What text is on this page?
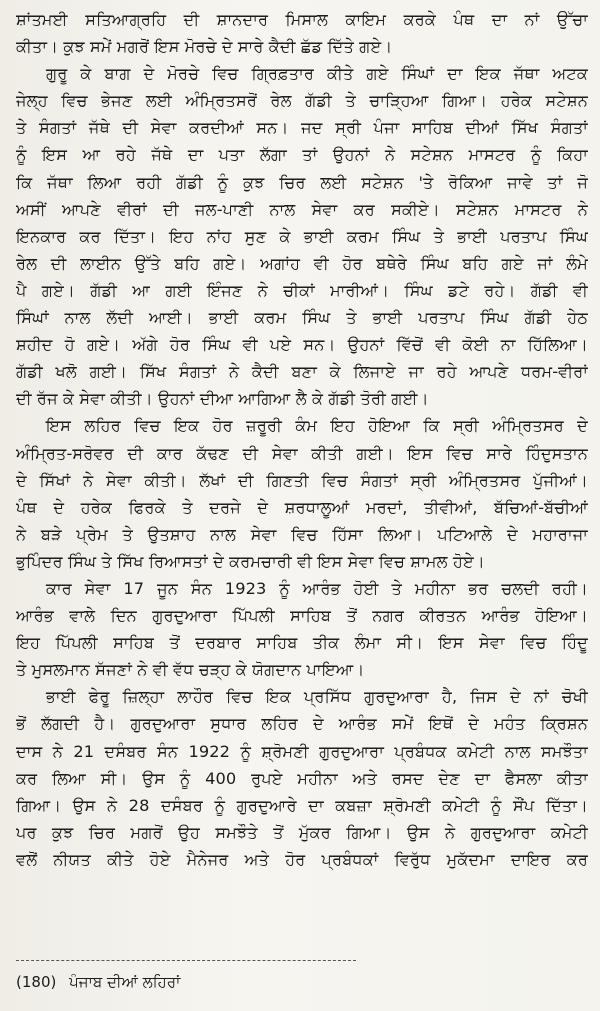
ਸ਼ਾਂਤਮਈ ਸਤਿਆਗ੍ਰਹਿ ਦੀ ਸ਼ਾਨਦਾਰ ਮਿਸਾਲ ਕਾਇਮ ਕਰਕੇ ਪੰਥ ਦਾ ਨਾਂ ਉੱਚਾ
ਕੀਤਾ। ਕੁਝ ਸਮੇਂ ਮਗਰੋਂ ਇਸ ਮੋਰਚੇ ਦੇ ਸਾਰੇ ਕੈਦੀ ਛੱਡ ਦਿੱਤੇ ਗਏ।
ਗੁਰੂ ਕੇ ਬਾਗ ਦੇ ਮੋਰਚੇ ਵਿਚ ਗ੍ਰਿਫ਼ਤਾਰ ਕੀਤੇ ਗਏ ਸਿੰਘਾਂ ਦਾ ਇਕ ਜੱਥਾ ਅਟਕ
ਜੇਲ੍ਹ ਵਿਚ ਭੇਜਣ ਲਈ ਅੰਮ੍ਰਿਤਸਰੋਂ ਰੇਲ ਗੱਡੀ ਤੇ ਚਾੜ੍ਹਿਆ ਗਿਆ। ਹਰੇਕ ਸਟੇਸ਼ਨ
ਤੇ ਸੰਗਤਾਂ ਜੱਥੇ ਦੀ ਸੇਵਾ ਕਰਦੀਆਂ ਸਨ। ਜਦ ਸ੍ਰੀ ਪੰਜਾ ਸਾਹਿਬ ਦੀਆਂ ਸਿੱਖ ਸੰਗਤਾਂ
ਨੂੰ ਇਸ ਆ ਰਹੇ ਜੱਥੇ ਦਾ ਪਤਾ ਲੱਗਾ ਤਾਂ ਉਹਨਾਂ ਨੇ ਸਟੇਸ਼ਨ ਮਾਸਟਰ ਨੂੰ ਕਿਹਾ
ਕਿ ਜੱਥਾ ਲਿਆ ਰਹੀ ਗੱਡੀ ਨੂੰ ਕੁਝ ਚਿਰ ਲਈ ਸਟੇਸ਼ਨ 'ਤੇ ਰੋਕਿਆ ਜਾਵੇ ਤਾਂ ਜੋ
ਅਸੀਂ ਆਪਣੇ ਵੀਰਾਂ ਦੀ ਜਲ-ਪਾਣੀ ਨਾਲ ਸੇਵਾ ਕਰ ਸਕੀਏ। ਸਟੇਸ਼ਨ ਮਾਸਟਰ ਨੇ
ਇਨਕਾਰ ਕਰ ਦਿੱਤਾ। ਇਹ ਨਾਂਹ ਸੁਣ ਕੇ ਭਾਈ ਕਰਮ ਸਿੰਘ ਤੇ ਭਾਈ ਪਰਤਾਪ ਸਿੰਘ
ਰੇਲ ਦੀ ਲਾਈਨ ਉੱਤੇ ਬਹਿ ਗਏ। ਅਗਾਂਹ ਵੀ ਹੋਰ ਬਥੇਰੇ ਸਿੰਘ ਬਹਿ ਗਏ ਜਾਂ ਲੰਮੇ
ਪੈ ਗਏ। ਗੱਡੀ ਆ ਗਈ ਇੰਜਣ ਨੇ ਚੀਕਾਂ ਮਾਰੀਆਂ। ਸਿੰਘ ਡਟੇ ਰਹੇ। ਗੱਡੀ ਵੀ
ਸਿੰਘਾਂ ਨਾਲ ਲੱਦੀ ਆਈ। ਭਾਈ ਕਰਮ ਸਿੰਘ ਤੇ ਭਾਈ ਪਰਤਾਪ ਸਿੰਘ ਗੱਡੀ ਹੇਠ
ਸ਼ਹੀਦ ਹੋ ਗਏ। ਅੱਗੇ ਹੋਰ ਸਿੰਘ ਵੀ ਪਏ ਸਨ। ਉਹਨਾਂ ਵਿੱਚੋਂ ਵੀ ਕੋਈ ਨਾ ਹਿੱਲਿਆ।
ਗੱਡੀ ਖਲੋ ਗਈ। ਸਿੱਖ ਸੰਗਤਾਂ ਨੇ ਕੈਦੀ ਬਣਾ ਕੇ ਲਿਜਾਏ ਜਾ ਰਹੇ ਆਪਣੇ ਧਰਮ-ਵੀਰਾਂ
ਦੀ ਰੱਜ ਕੇ ਸੇਵਾ ਕੀਤੀ। ਉਹਨਾਂ ਦੀਆ ਆਗਿਆ ਲੈ ਕੇ ਗੱਡੀ ਤੋਰੀ ਗਈ।
ਇਸ ਲਹਿਰ ਵਿਚ ਇਕ ਹੋਰ ਜ਼ਰੂਰੀ ਕੰਮ ਇਹ ਹੋਇਆ ਕਿ ਸ੍ਰੀ ਅੰਮ੍ਰਿਤਸਰ ਦੇ
ਅੰਮ੍ਰਿਤ-ਸਰੋਵਰ ਦੀ ਕਾਰ ਕੱਢਣ ਦੀ ਸੇਵਾ ਕੀਤੀ ਗਈ। ਇਸ ਵਿਚ ਸਾਰੇ ਹਿੰਦੁਸਤਾਨ
ਦੇ ਸਿੱਖਾਂ ਨੇ ਸੇਵਾ ਕੀਤੀ। ਲੱਖਾਂ ਦੀ ਗਿਣਤੀ ਵਿਚ ਸੰਗਤਾਂ ਸ੍ਰੀ ਅੰਮ੍ਰਿਤਸਰ ਪੁੱਜੀਆਂ।
ਪੰਥ ਦੇ ਹਰੇਕ ਫਿਰਕੇ ਤੇ ਦਰਜੇ ਦੇ ਸ਼ਰਧਾਲੂਆਂ ਮਰਦਾਂ, ਤੀਵੀਆਂ, ਬੱਚਿਆਂ-ਬੱਚੀਆਂ
ਨੇ ਬੜੇ ਪ੍ਰੇਮ ਤੇ ਉਤਸ਼ਾਹ ਨਾਲ ਸੇਵਾ ਵਿਚ ਹਿੱਸਾ ਲਿਆ। ਪਟਿਆਲੇ ਦੇ ਮਹਾਰਾਜਾ
ਭੁਪਿੰਦਰ ਸਿੰਘ ਤੇ ਸਿੱਖ ਰਿਆਸਤਾਂ ਦੇ ਕਰਮਚਾਰੀ ਵੀ ਇਸ ਸੇਵਾ ਵਿਚ ਸ਼ਾਮਲ ਹੋਏ।
ਕਾਰ ਸੇਵਾ 17 ਜੂਨ ਸੰਨ 1923 ਨੂੰ ਆਰੰਭ ਹੋਈ ਤੇ ਮਹੀਨਾ ਭਰ ਚਲਦੀ ਰਹੀ।
ਆਰੰਭ ਵਾਲੇ ਦਿਨ ਗੁਰਦੁਆਰਾ ਪਿੱਪਲੀ ਸਾਹਿਬ ਤੋਂ ਨਗਰ ਕੀਰਤਨ ਆਰੰਭ ਹੋਇਆ।
ਇਹ ਪਿੱਪਲੀ ਸਾਹਿਬ ਤੋਂ ਦਰਬਾਰ ਸਾਹਿਬ ਤੀਕ ਲੰਮਾ ਸੀ। ਇਸ ਸੇਵਾ ਵਿਚ ਹਿੰਦੂ
ਤੇ ਮੁਸਲਮਾਨ ਸੱਜਣਾਂ ਨੇ ਵੀ ਵੱਧ ਚੜ੍ਹ ਕੇ ਯੋਗਦਾਨ ਪਾਇਆ।
ਭਾਈ ਫੇਰੂ ਜ਼ਿਲ੍ਹਾ ਲਾਹੌਰ ਵਿਚ ਇਕ ਪ੍ਰਸਿੱਧ ਗੁਰਦੁਆਰਾ ਹੈ, ਜਿਸ ਦੇ ਨਾਂ ਚੋਖੀ
ਭੋਂ ਲੱਗਦੀ ਹੈ। ਗੁਰਦੁਆਰਾ ਸੁਧਾਰ ਲਹਿਰ ਦੇ ਆਰੰਭ ਸਮੇਂ ਇਥੋਂ ਦੇ ਮਹੰਤ ਕ੍ਰਿਸ਼ਨ
ਦਾਸ ਨੇ 21 ਦਸੰਬਰ ਸੰਨ 1922 ਨੂੰ ਸ਼੍ਰੋਮਣੀ ਗੁਰਦੁਆਰਾ ਪ੍ਰਬੰਧਕ ਕਮੇਟੀ ਨਾਲ ਸਮਝੌਤਾ
ਕਰ ਲਿਆ ਸੀ। ਉਸ ਨੂੰ 400 ਰੁਪਏ ਮਹੀਨਾ ਅਤੇ ਰਸਦ ਦੇਣ ਦਾ ਫੈਸਲਾ ਕੀਤਾ
ਗਿਆ। ਉਸ ਨੇ 28 ਦਸੰਬਰ ਨੂੰ ਗੁਰਦੁਆਰੇ ਦਾ ਕਬਜ਼ਾ ਸ਼੍ਰੋਮਣੀ ਕਮੇਟੀ ਨੂੰ ਸੌਂਪ ਦਿੱਤਾ।
ਪਰ ਕੁਝ ਚਿਰ ਮਗਰੋਂ ਉਹ ਸਮਝੌਤੇ ਤੋਂ ਮੁੱਕਰ ਗਿਆ। ਉਸ ਨੇ ਗੁਰਦੁਆਰਾ ਕਮੇਟੀ
ਵਲੋਂ ਨੀਯਤ ਕੀਤੇ ਹੋਏ ਮੈਨੇਜਰ ਅਤੇ ਹੋਰ ਪ੍ਰਬੰਧਕਾਂ ਵਿਰੁੱਧ ਮੁਕੱਦਮਾ ਦਾਇਰ ਕਰ
(180) ਪੰਜਾਬ ਦੀਆਂ ਲਹਿਰਾਂ
